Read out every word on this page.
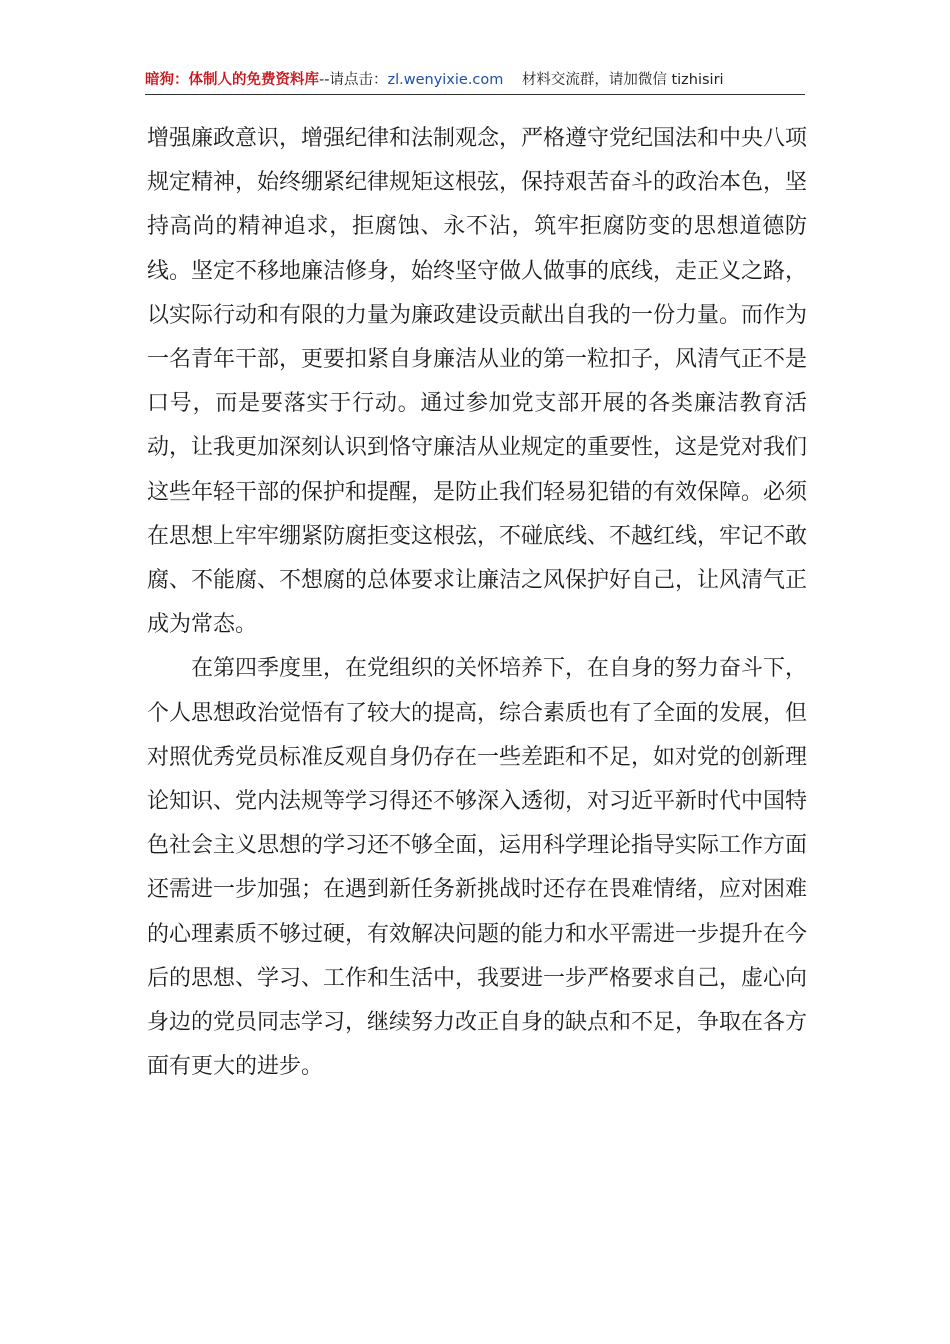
暗狗：体制人的免费资料库--请点击：zl.wenyixie.com 材料交流群，请加微信 tizhisiri

增强廉政意识，增强纪律和法制观念，严格遵守党纪国法和中央八项规定精神，始终绷紧纪律规矩这根弦，保持艰苦奋斗的政治本色，坚持高尚的精神追求，拒腐蚀、永不沾，筑牢拒腐防变的思想道德防线。坚定不移地廉洁修身，始终坚守做人做事的底线，走正义之路，以实际行动和有限的力量为廉政建设贡献出自我的一份力量。而作为一名青年干部，更要扣紧自身廉洁从业的第一粒扣子，风清气正不是口号，而是要落实于行动。通过参加党支部开展的各类廉洁教育活动，让我更加深刻认识到恪守廉洁从业规定的重要性，这是党对我们这些年轻干部的保护和提醒，是防止我们轻易犯错的有效保障。必须在思想上牢牢绷紧防腐拒变这根弦，不碰底线、不越红线，牢记不敢腐、不能腐、不想腐的总体要求让廉洁之风保护好自己，让风清气正成为常态。

在第四季度里，在党组织的关怀培养下，在自身的努力奋斗下，个人思想政治觉悟有了较大的提高，综合素质也有了全面的发展，但对照优秀党员标准反观自身仍存在一些差距和不足，如对党的创新理论知识、党内法规等学习得还不够深入透彻，对习近平新时代中国特色社会主义思想的学习还不够全面，运用科学理论指导实际工作方面还需进一步加强；在遇到新任务新挑战时还存在畏难情绪，应对困难的心理素质不够过硬，有效解决问题的能力和水平需进一步提升在今后的思想、学习、工作和生活中，我要进一步严格要求自己，虚心向身边的党员同志学习，继续努力改正自身的缺点和不足，争取在各方面有更大的进步。
